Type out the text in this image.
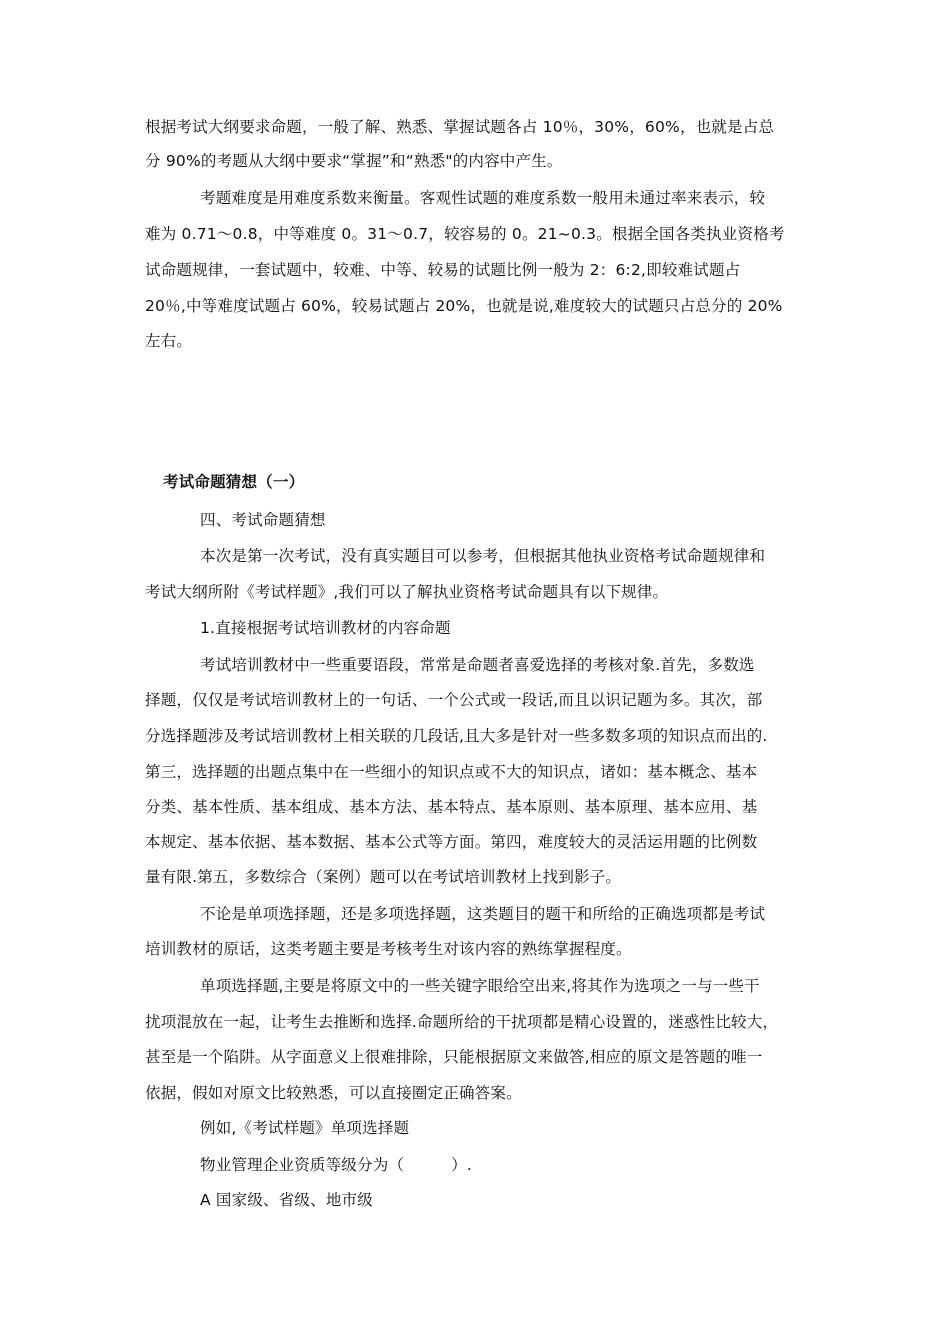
根据考试大纲要求命题，一般了解、熟悉、掌握试题各占 10％，30%，60%，也就是占总
分 90%的考题从大纲中要求“掌握”和“熟悉"的内容中产生。
考题难度是用难度系数来衡量。客观性试题的难度系数一般用未通过率来表示，较
难为 0.71～0.8，中等难度 0。31～0.7，较容易的 0。21~0.3。根据全国各类执业资格考
试命题规律，一套试题中，较难、中等、较易的试题比例一般为 2：6:2,即较难试题占
20％,中等难度试题占 60%，较易试题占 20%，也就是说,难度较大的试题只占总分的 20%
左右。
考试命题猜想（一）
四、考试命题猜想
本次是第一次考试，没有真实题目可以参考，但根据其他执业资格考试命题规律和
考试大纲所附《考试样题》,我们可以了解执业资格考试命题具有以下规律。
1.直接根据考试培训教材的内容命题
考试培训教材中一些重要语段，常常是命题者喜爱选择的考核对象.首先，多数选
择题，仅仅是考试培训教材上的一句话、一个公式或一段话,而且以识记题为多。其次，部
分选择题涉及考试培训教材上相关联的几段话,且大多是针对一些多数多项的知识点而出的.
第三，选择题的出题点集中在一些细小的知识点或不大的知识点，诸如：基本概念、基本
分类、基本性质、基本组成、基本方法、基本特点、基本原则、基本原理、基本应用、基
本规定、基本依据、基本数据、基本公式等方面。第四，难度较大的灵活运用题的比例数
量有限.第五，多数综合（案例）题可以在考试培训教材上找到影子。
不论是单项选择题，还是多项选择题，这类题目的题干和所给的正确选项都是考试
培训教材的原话，这类考题主要是考核考生对该内容的熟练掌握程度。
单项选择题,主要是将原文中的一些关键字眼给空出来,将其作为选项之一与一些干
扰项混放在一起，让考生去推断和选择.命题所给的干扰项都是精心设置的，迷惑性比较大，
甚至是一个陷阱。从字面意义上很难排除，只能根据原文来做答,相应的原文是答题的唯一
依据，假如对原文比较熟悉，可以直接圈定正确答案。
例如,《考试样题》单项选择题
物业管理企业资质等级分为（　　　）.
A 国家级、省级、地市级
